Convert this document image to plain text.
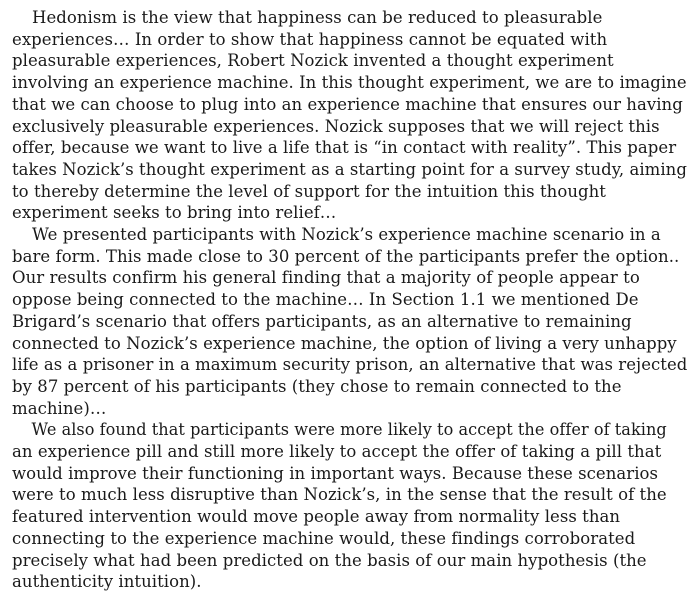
Hedonism is the view that happiness can be reduced to pleasurable
experiences… In order to show that happiness cannot be equated with
pleasurable experiences, Robert Nozick invented a thought experiment
involving an experience machine. In this thought experiment, we are to imagine
that we can choose to plug into an experience machine that ensures our having
exclusively pleasurable experiences. Nozick supposes that we will reject this
offer, because we want to live a life that is “in contact with reality”. This paper
takes Nozick’s thought experiment as a starting point for a survey study, aiming
to thereby determine the level of support for the intuition this thought
experiment seeks to bring into relief…

We presented participants with Nozick’s experience machine scenario in a
bare form. This made close to 30 percent of the participants prefer the option..
Our results confirm his general finding that a majority of people appear to
oppose being connected to the machine… In Section 1.1 we mentioned De
Brigard’s scenario that offers participants, as an alternative to remaining
connected to Nozick’s experience machine, the option of living a very unhappy
life as a prisoner in a maximum security prison, an alternative that was rejected
by 87 percent of his participants (they chose to remain connected to the
machine)…

We also found that participants were more likely to accept the offer of taking
an experience pill and still more likely to accept the offer of taking a pill that
would improve their functioning in important ways. Because these scenarios
were to much less disruptive than Nozick’s, in the sense that the result of the
featured intervention would move people away from normality less than
connecting to the experience machine would, these findings corroborated
precisely what had been predicted on the basis of our main hypothesis (the
authenticity intuition).
